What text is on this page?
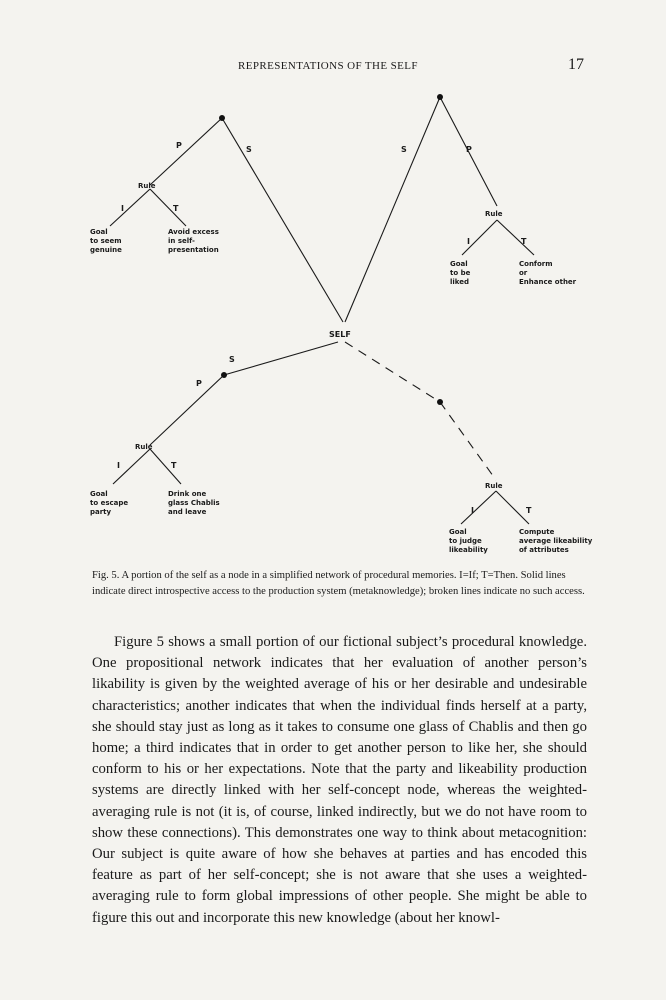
REPRESENTATIONS OF THE SELF	17
SELF
P	S
Rule
I	T
Goal
to seem
genuine
Avoid excess
in self-
presentation
S	P
Rule
I	T
Goal
to be
liked
Conform
or
Enhance other
S
P
Rule
I	T
Goal
to escape
party
Drink one
glass Chablis
and leave
Rule
I	T
Goal
to judge
likeability
Compute
average likeability
of attributes
Fig. 5. A portion of the self as a node in a simplified network of procedural memories. I=If; T=Then. Solid lines indicate direct introspective access to the production system (metaknowledge); broken lines indicate no such access.
Figure 5 shows a small portion of our fictional subject’s procedural knowledge. One propositional network indicates that her evaluation of another person’s likability is given by the weighted average of his or her desirable and undesirable characteristics; another indicates that when the individual finds herself at a party, she should stay just as long as it takes to consume one glass of Chablis and then go home; a third indicates that in order to get another person to like her, she should conform to his or her expectations. Note that the party and likeability production systems are directly linked with her self-concept node, whereas the weighted-averaging rule is not (it is, of course, linked indirectly, but we do not have room to show these connections). This demonstrates one way to think about metacognition: Our subject is quite aware of how she behaves at parties and has encoded this feature as part of her self-concept; she is not aware that she uses a weighted-averaging rule to form global impressions of other people. She might be able to figure this out and incorporate this new knowledge (about her knowl-
